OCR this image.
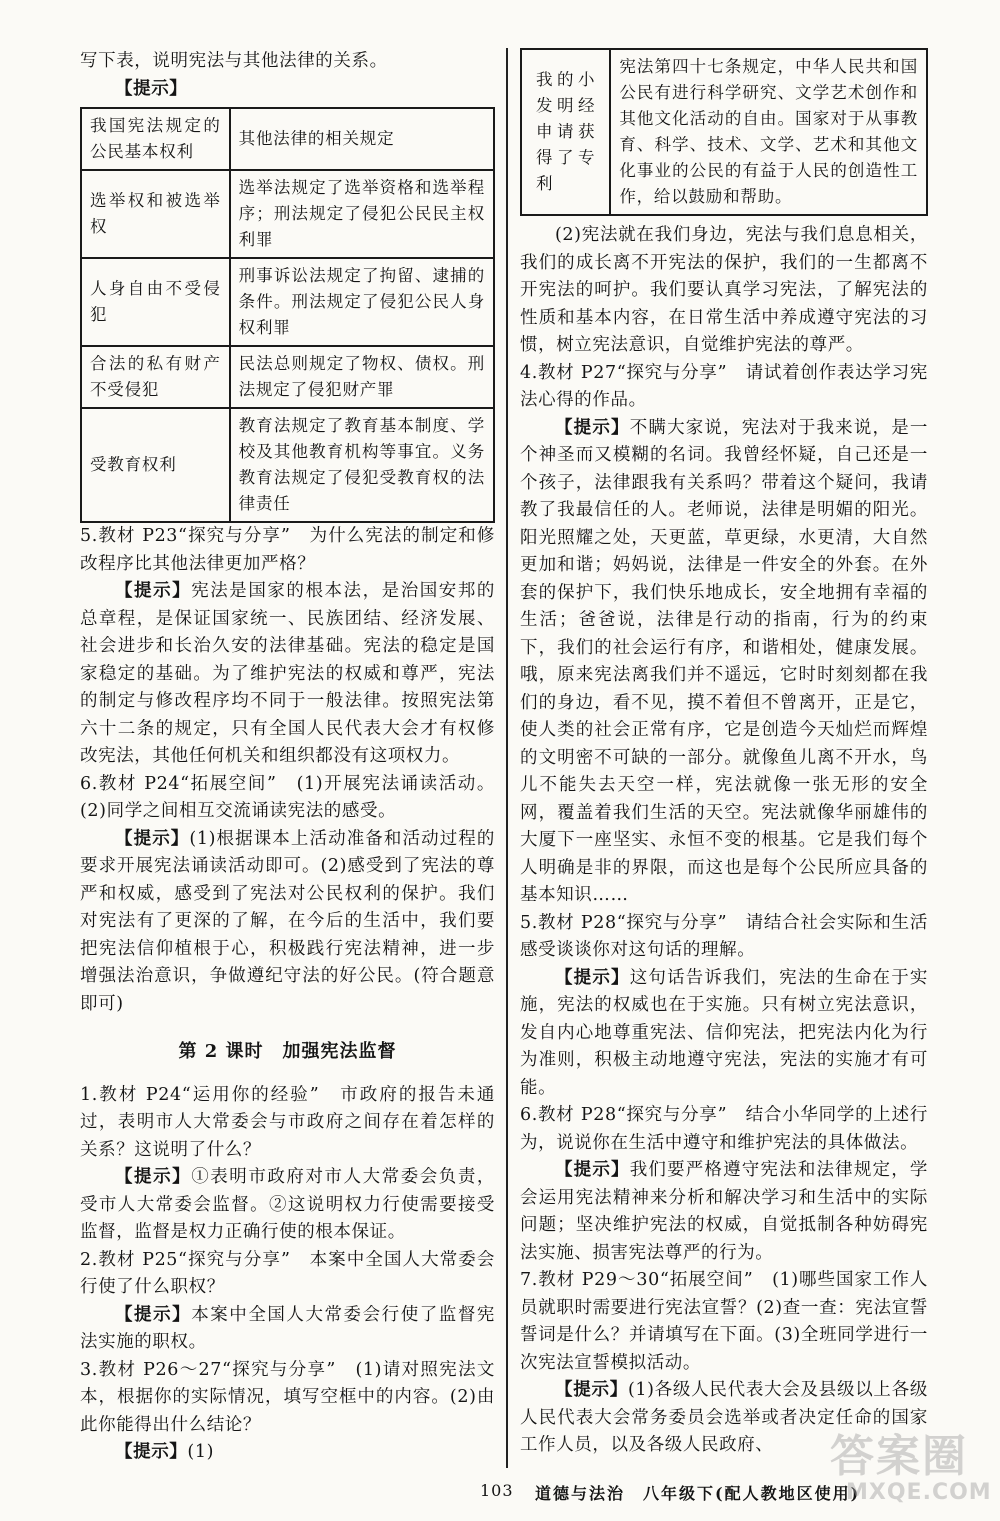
写下表，说明宪法与其他法律的关系。

【提示】

我国宪法规定的公民基本权利	其他法律的相关规定
选举权和被选举权	选举法规定了选举资格和选举程序；刑法规定了侵犯公民民主权利罪
人身自由不受侵犯	刑事诉讼法规定了拘留、逮捕的条件。刑法规定了侵犯公民人身权利罪
合法的私有财产不受侵犯	民法总则规定了物权、债权。刑法规定了侵犯财产罪
受教育权利	教育法规定了教育基本制度、学校及其他教育机构等事宜。义务教育法规定了侵犯受教育权的法律责任

5.教材 P23“探究与分享”　为什么宪法的制定和修改程序比其他法律更加严格？

【提示】宪法是国家的根本法，是治国安邦的总章程，是保证国家统一、民族团结、经济发展、社会进步和长治久安的法律基础。宪法的稳定是国家稳定的基础。为了维护宪法的权威和尊严，宪法的制定与修改程序均不同于一般法律。按照宪法第六十二条的规定，只有全国人民代表大会才有权修改宪法，其他任何机关和组织都没有这项权力。

6.教材 P24“拓展空间”　(1)开展宪法诵读活动。(2)同学之间相互交流诵读宪法的感受。

【提示】(1)根据课本上活动准备和活动过程的要求开展宪法诵读活动即可。(2)感受到了宪法的尊严和权威，感受到了宪法对公民权利的保护。我们对宪法有了更深的了解，在今后的生活中，我们要把宪法信仰植根于心，积极践行宪法精神，进一步增强法治意识，争做遵纪守法的好公民。(符合题意即可)

第 2 课时　加强宪法监督

1.教材 P24“运用你的经验”　市政府的报告未通过，表明市人大常委会与市政府之间存在着怎样的关系？这说明了什么？

【提示】①表明市政府对市人大常委会负责，受市人大常委会监督。②这说明权力行使需要接受监督，监督是权力正确行使的根本保证。

2.教材 P25“探究与分享”　本案中全国人大常委会行使了什么职权？

【提示】本案中全国人大常委会行使了监督宪法实施的职权。

3.教材 P26～27“探究与分享”　(1)请对照宪法文本，根据你的实际情况，填写空框中的内容。(2)由此你能得出什么结论？

【提示】(1)

我的小发明经申请获得了专利	宪法第四十七条规定，中华人民共和国公民有进行科学研究、文学艺术创作和其他文化活动的自由。国家对于从事教育、科学、技术、文学、艺术和其他文化事业的公民的有益于人民的创造性工作，给以鼓励和帮助。

(2)宪法就在我们身边，宪法与我们息息相关，我们的成长离不开宪法的保护，我们的一生都离不开宪法的呵护。我们要认真学习宪法，了解宪法的性质和基本内容，在日常生活中养成遵守宪法的习惯，树立宪法意识，自觉维护宪法的尊严。

4.教材 P27“探究与分享”　请试着创作表达学习宪法心得的作品。

【提示】不瞒大家说，宪法对于我来说，是一个神圣而又模糊的名词。我曾经怀疑，自己还是一个孩子，法律跟我有关系吗？带着这个疑问，我请教了我最信任的人。老师说，法律是明媚的阳光。阳光照耀之处，天更蓝，草更绿，水更清，大自然更加和谐；妈妈说，法律是一件安全的外套。在外套的保护下，我们快乐地成长，安全地拥有幸福的生活；爸爸说，法律是行动的指南，行为的约束下，我们的社会运行有序，和谐相处，健康发展。哦，原来宪法离我们并不遥远，它时时刻刻都在我们的身边，看不见，摸不着但不曾离开，正是它，使人类的社会正常有序，它是创造今天灿烂而辉煌的文明密不可缺的一部分。就像鱼儿离不开水，鸟儿不能失去天空一样，宪法就像一张无形的安全网，覆盖着我们生活的天空。宪法就像华丽雄伟的大厦下一座坚实、永恒不变的根基。它是我们每个人明确是非的界限，而这也是每个公民所应具备的基本知识……

5.教材 P28“探究与分享”　请结合社会实际和生活感受谈谈你对这句话的理解。

【提示】这句话告诉我们，宪法的生命在于实施，宪法的权威也在于实施。只有树立宪法意识，发自内心地尊重宪法、信仰宪法，把宪法内化为行为准则，积极主动地遵守宪法，宪法的实施才有可能。

6.教材 P28“探究与分享”　结合小华同学的上述行为，说说你在生活中遵守和维护宪法的具体做法。

【提示】我们要严格遵守宪法和法律规定，学会运用宪法精神来分析和解决学习和生活中的实际问题；坚决维护宪法的权威，自觉抵制各种妨碍宪法实施、损害宪法尊严的行为。

7.教材 P29～30“拓展空间”　(1)哪些国家工作人员就职时需要进行宪法宣誓？(2)查一查：宪法宣誓誓词是什么？并请填写在下面。(3)全班同学进行一次宪法宣誓模拟活动。

【提示】(1)各级人民代表大会及县级以上各级人民代表大会常务委员会选举或者决定任命的国家工作人员，以及各级人民政府、

103 道德与法治　八年级下(配人教地区使用)
答案圈
MXQE.COM
